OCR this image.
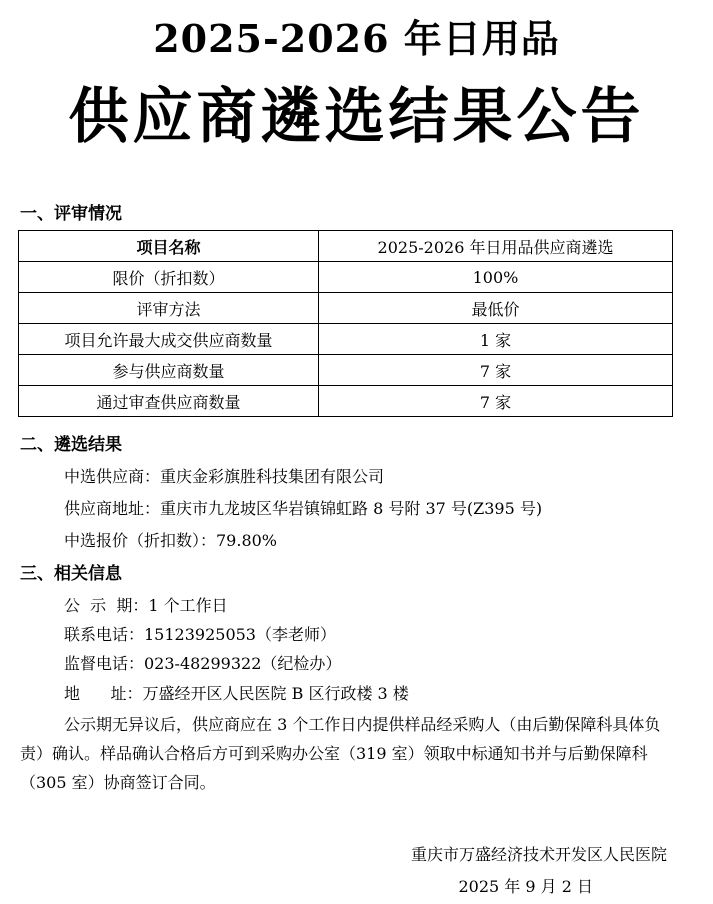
2025-2026 年日用品
供应商遴选结果公告
一、评审情况
项目名称	2025-2026 年日用品供应商遴选
限价（折扣数）	100%
评审方法	最低价
项目允许最大成交供应商数量	1 家
参与供应商数量	7 家
通过审查供应商数量	7 家
二、遴选结果
中选供应商：重庆金彩旗胜科技集团有限公司
供应商地址：重庆市九龙坡区华岩镇锦虹路 8 号附 37 号(Z395 号)
中选报价（折扣数）：79.80%
三、相关信息
公  示  期：1 个工作日
联系电话：15123925053（李老师）
监督电话：023-48299322（纪检办）
地      址：万盛经开区人民医院 B 区行政楼 3 楼
公示期无异议后，供应商应在 3 个工作日内提供样品经采购人（由后勤保障科具体负责）确认。样品确认合格后方可到采购办公室（319 室）领取中标通知书并与后勤保障科（305 室）协商签订合同。
重庆市万盛经济技术开发区人民医院
2025 年 9 月 2 日
